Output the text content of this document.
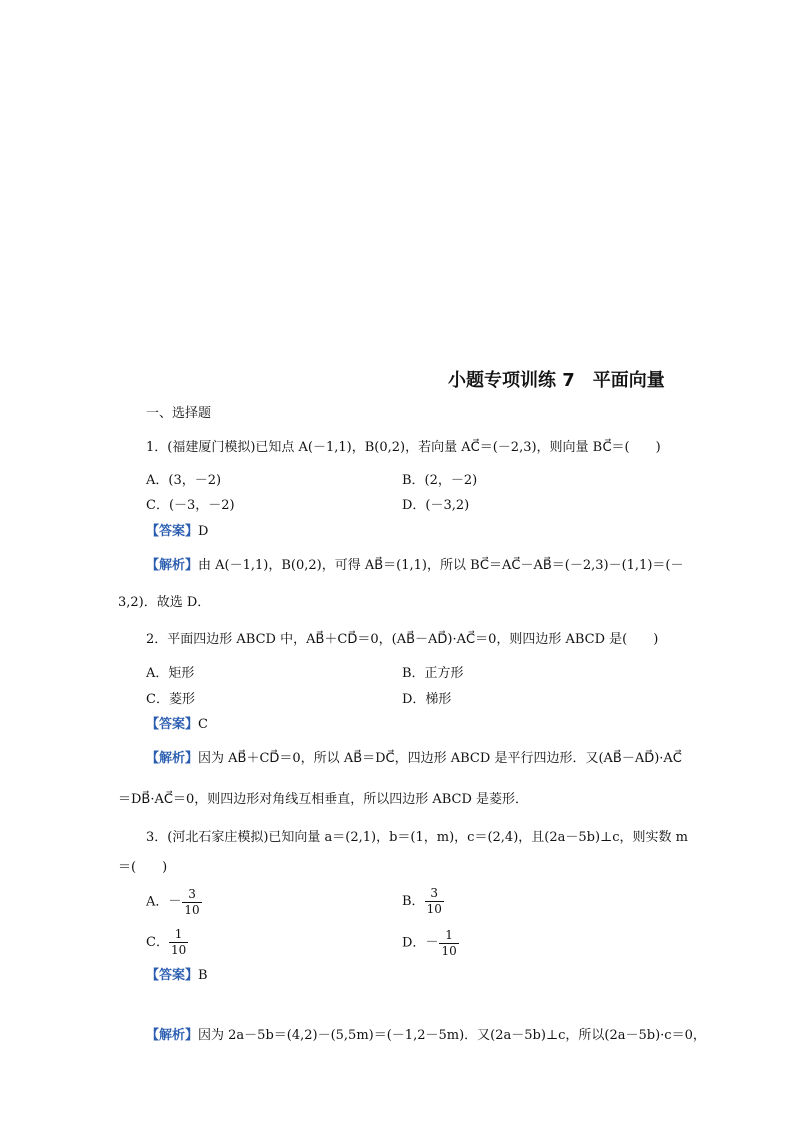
小题专项训练 7　平面向量
一、选择题
1．(福建厦门模拟)已知点 A(－1,1)，B(0,2)，若向量 AC⃗＝(－2,3)，则向量 BC⃗＝(　　)
A．(3，－2)	B．(2，－2)
C．(－3，－2)	D．(－3,2)
【答案】D
【解析】由 A(－1,1)，B(0,2)，可得 AB⃗＝(1,1)，所以 BC⃗＝AC⃗－AB⃗＝(－2,3)－(1,1)＝(－
3,2)．故选 D．
2．平面四边形 ABCD 中，AB⃗＋CD⃗＝0，(AB⃗－AD⃗)·AC⃗＝0，则四边形 ABCD 是(　　)
A．矩形	B．正方形
C．菱形	D．梯形
【答案】C
【解析】因为 AB⃗＋CD⃗＝0，所以 AB⃗＝DC⃗，四边形 ABCD 是平行四边形．又(AB⃗－AD⃗)·AC⃗
＝DB⃗·AC⃗＝0，则四边形对角线互相垂直，所以四边形 ABCD 是菱形．
3．(河北石家庄模拟)已知向量 a＝(2,1)，b＝(1，m)，c＝(2,4)，且(2a－5b)⊥c，则实数 m
＝(　　)
A．－ $\frac{3}{10}$	B． $\frac{3}{10}$
C． $\frac{1}{10}$	D．－ $\frac{1}{10}$
【答案】B
【解析】因为 2a－5b＝(4,2)－(5,5m)＝(－1,2－5m)．又(2a－5b)⊥c，所以(2a－5b)·c＝0，
